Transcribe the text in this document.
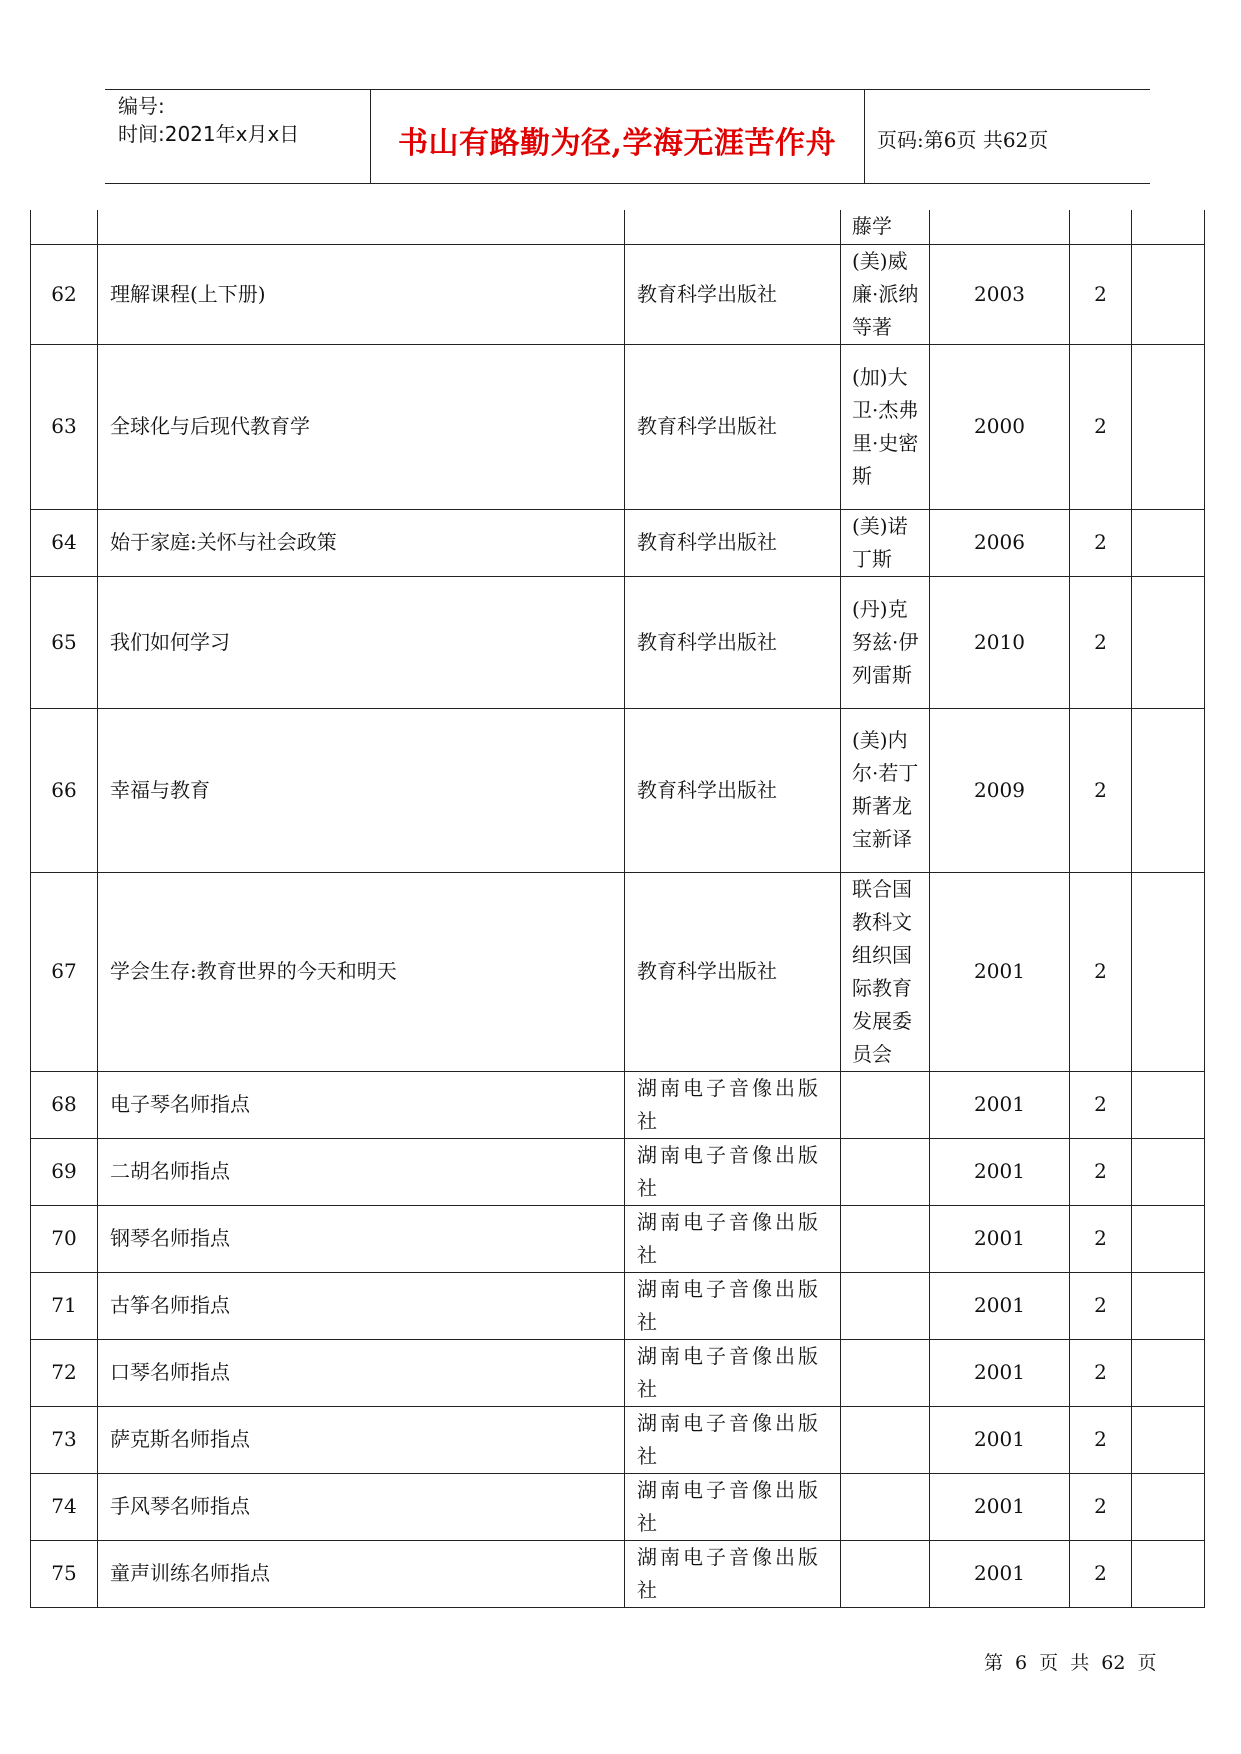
编号:
时间:2021年x月x日	书山有路勤为径,学海无涯苦作舟	页码:第6页 共62页
			藤学			
62	理解课程(上下册)	教育科学出版社	(美)威廉·派纳等著	2003	2	
63	全球化与后现代教育学	教育科学出版社	(加)大卫·杰弗里·史密斯	2000	2	
64	始于家庭:关怀与社会政策	教育科学出版社	(美)诺丁斯	2006	2	
65	我们如何学习	教育科学出版社	(丹)克努兹·伊列雷斯	2010	2	
66	幸福与教育	教育科学出版社	(美)内尔·若丁斯著龙宝新译	2009	2	
67	学会生存:教育世界的今天和明天	教育科学出版社	联合国教科文组织国际教育发展委员会	2001	2	
68	电子琴名师指点	湖南电子音像出版社		2001	2	
69	二胡名师指点	湖南电子音像出版社		2001	2	
70	钢琴名师指点	湖南电子音像出版社		2001	2	
71	古筝名师指点	湖南电子音像出版社		2001	2	
72	口琴名师指点	湖南电子音像出版社		2001	2	
73	萨克斯名师指点	湖南电子音像出版社		2001	2	
74	手风琴名师指点	湖南电子音像出版社		2001	2	
75	童声训练名师指点	湖南电子音像出版社		2001	2	
第 6 页 共 62 页
